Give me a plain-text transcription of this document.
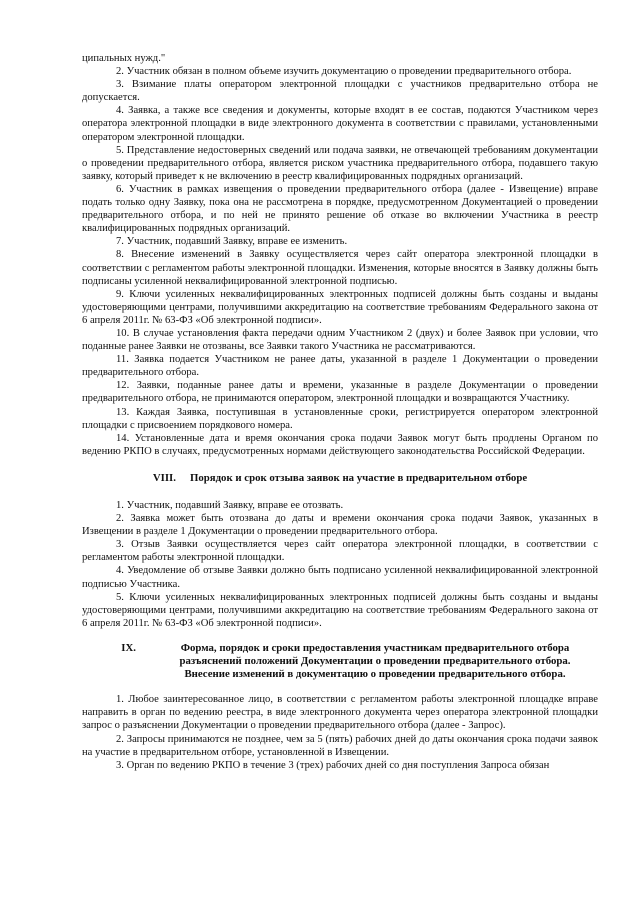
ципальных нужд."

2. Участник обязан в полном объеме изучить документацию о проведении предварительного отбора.

3. Взимание платы оператором электронной площадки с участников предварительно отбора не допускается.

4. Заявка, а также все сведения и документы, которые входят в ее состав, подаются Участником через оператора электронной площадки в виде электронного документа в соответствии с правилами, установленными оператором электронной площадки.

5. Представление недостоверных сведений или подача заявки, не отвечающей требованиям документации о проведении предварительного отбора, является риском участника предварительного отбора, подавшего такую заявку, который приведет к не включению в реестр квалифицированных подрядных организаций.

6. Участник в рамках извещения о проведении предварительного отбора (далее - Извещение) вправе подать только одну Заявку, пока она не рассмотрена в порядке, предусмотренном Документацией о проведении предварительного отбора, и по ней не принято решение об отказе во включении Участника в реестр квалифицированных подрядных организаций.

7. Участник, подавший Заявку, вправе ее изменить.

8. Внесение изменений в Заявку осуществляется через сайт оператора электронной площадки в соответствии с регламентом работы электронной площадки. Изменения, которые вносятся в Заявку должны быть подписаны усиленной неквалифицированной электронной подписью.

9. Ключи усиленных неквалифицированных электронных подписей должны быть созданы и выданы удостоверяющими центрами, получившими аккредитацию на соответствие требованиям Федерального закона от 6 апреля 2011г. № 63-ФЗ «Об электронной подписи».

10. В случае установления факта передачи одним Участником 2 (двух) и более Заявок при условии, что поданные ранее Заявки не отозваны, все Заявки такого Участника не рассматриваются.

11. Заявка подается Участником не ранее даты, указанной в разделе 1 Документации о проведении предварительного отбора.

12. Заявки, поданные ранее даты и времени, указанные в разделе Документации о проведении предварительного отбора, не принимаются оператором, электронной площадки и возвращаются Участнику.

13. Каждая Заявка, поступившая в установленные сроки, регистрируется оператором электронной площадки с присвоением порядкового номера.

14. Установленные дата и время окончания срока подачи Заявок могут быть продлены Органом по ведению РКПО в случаях, предусмотренных нормами действующего законодательства Российской Федерации.

VIII. Порядок и срок отзыва заявок на участие в предварительном отборе

1. Участник, подавший Заявку, вправе ее отозвать.

2. Заявка может быть отозвана до даты и времени окончания срока подачи Заявок, указанных в Извещении в разделе 1 Документации о проведении предварительного отбора.

3. Отзыв Заявки осуществляется через сайт оператора электронной площадки, в соответствии с регламентом работы электронной площадки.

4. Уведомление об отзыве Заявки должно быть подписано усиленной неквалифицированной электронной подписью Участника.

5. Ключи усиленных неквалифицированных электронных подписей должны быть созданы и выданы удостоверяющими центрами, получившими аккредитацию на соответствие требованиям Федерального закона от 6 апреля 2011г. № 63-ФЗ «Об электронной подписи».

IX.	Форма, порядок и сроки предоставления участникам предварительного отбора
разъяснений положений Документации о проведении предварительного отбора.
Внесение изменений в документацию о проведении предварительного отбора.

1. Любое заинтересованное лицо, в соответствии с регламентом работы электронной площадке вправе направить в орган по ведению реестра, в виде электронного документа через оператора электронной площадки запрос о разъяснении Документации о проведении предварительного отбора (далее - Запрос).

2. Запросы принимаются не позднее, чем за 5 (пять) рабочих дней до даты окончания срока подачи заявок на участие в предварительном отборе, установленной в Извещении.

3. Орган по ведению РКПО в течение 3 (трех) рабочих дней со дня поступления Запроса обязан
